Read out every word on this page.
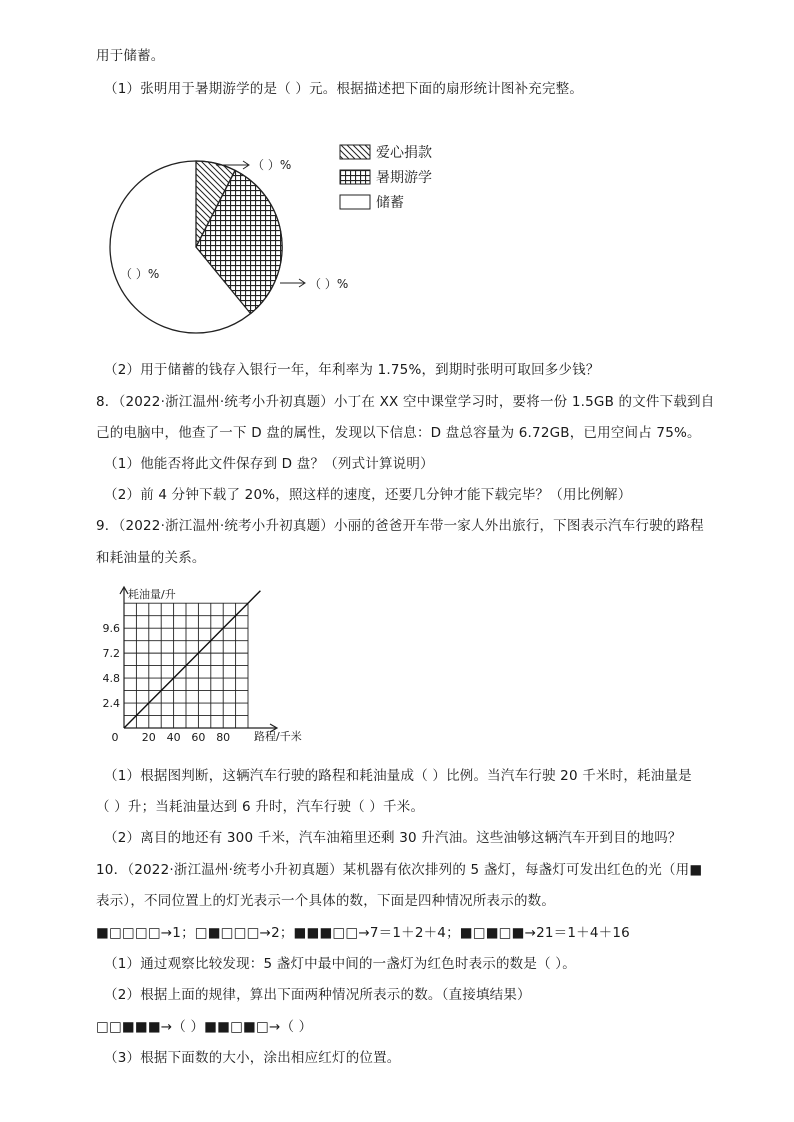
用于储蓄。
（1）张明用于暑期游学的是（ ）元。根据描述把下面的扇形统计图补充完整。
爱心捐款
暑期游学
储蓄
（ ）%
（ ）%
（ ）%
（2）用于储蓄的钱存入银行一年，年利率为 1.75%，到期时张明可取回多少钱？
8．（2022·浙江温州·统考小升初真题）小丁在 XX 空中课堂学习时，要将一份 1.5GB 的文件下载到自
己的电脑中，他查了一下 D 盘的属性，发现以下信息：D 盘总容量为 6.72GB，已用空间占 75%。
（1）他能否将此文件保存到 D 盘？（列式计算说明）
（2）前 4 分钟下载了 20%，照这样的速度，还要几分钟才能下载完毕？（用比例解）
9．（2022·浙江温州·统考小升初真题）小丽的爸爸开车带一家人外出旅行，下图表示汽车行驶的路程
和耗油量的关系。
0 20 40 60 80
2.4
4.8
7.2
9.6
耗油量/升
路程/千米
（1）根据图判断，这辆汽车行驶的路程和耗油量成（ ）比例。当汽车行驶 20 千米时，耗油量是
（ ）升；当耗油量达到 6 升时，汽车行驶（ ）千米。
（2）离目的地还有 300 千米，汽车油箱里还剩 30 升汽油。这些油够这辆汽车开到目的地吗？
10．（2022·浙江温州·统考小升初真题）某机器有依次排列的 5 盏灯，每盏灯可发出红色的光（用■
表示），不同位置上的灯光表示一个具体的数，下面是四种情况所表示的数。
■□□□□→1；□■□□□→2；■■■□□→7＝1＋2＋4；■□■□■→21＝1＋4＋16
（1）通过观察比较发现：5 盏灯中最中间的一盏灯为红色时表示的数是（ ）。
（2）根据上面的规律，算出下面两种情况所表示的数。（直接填结果）
□□■■■→（ ）■■□■□→（ ）
（3）根据下面数的大小，涂出相应红灯的位置。
